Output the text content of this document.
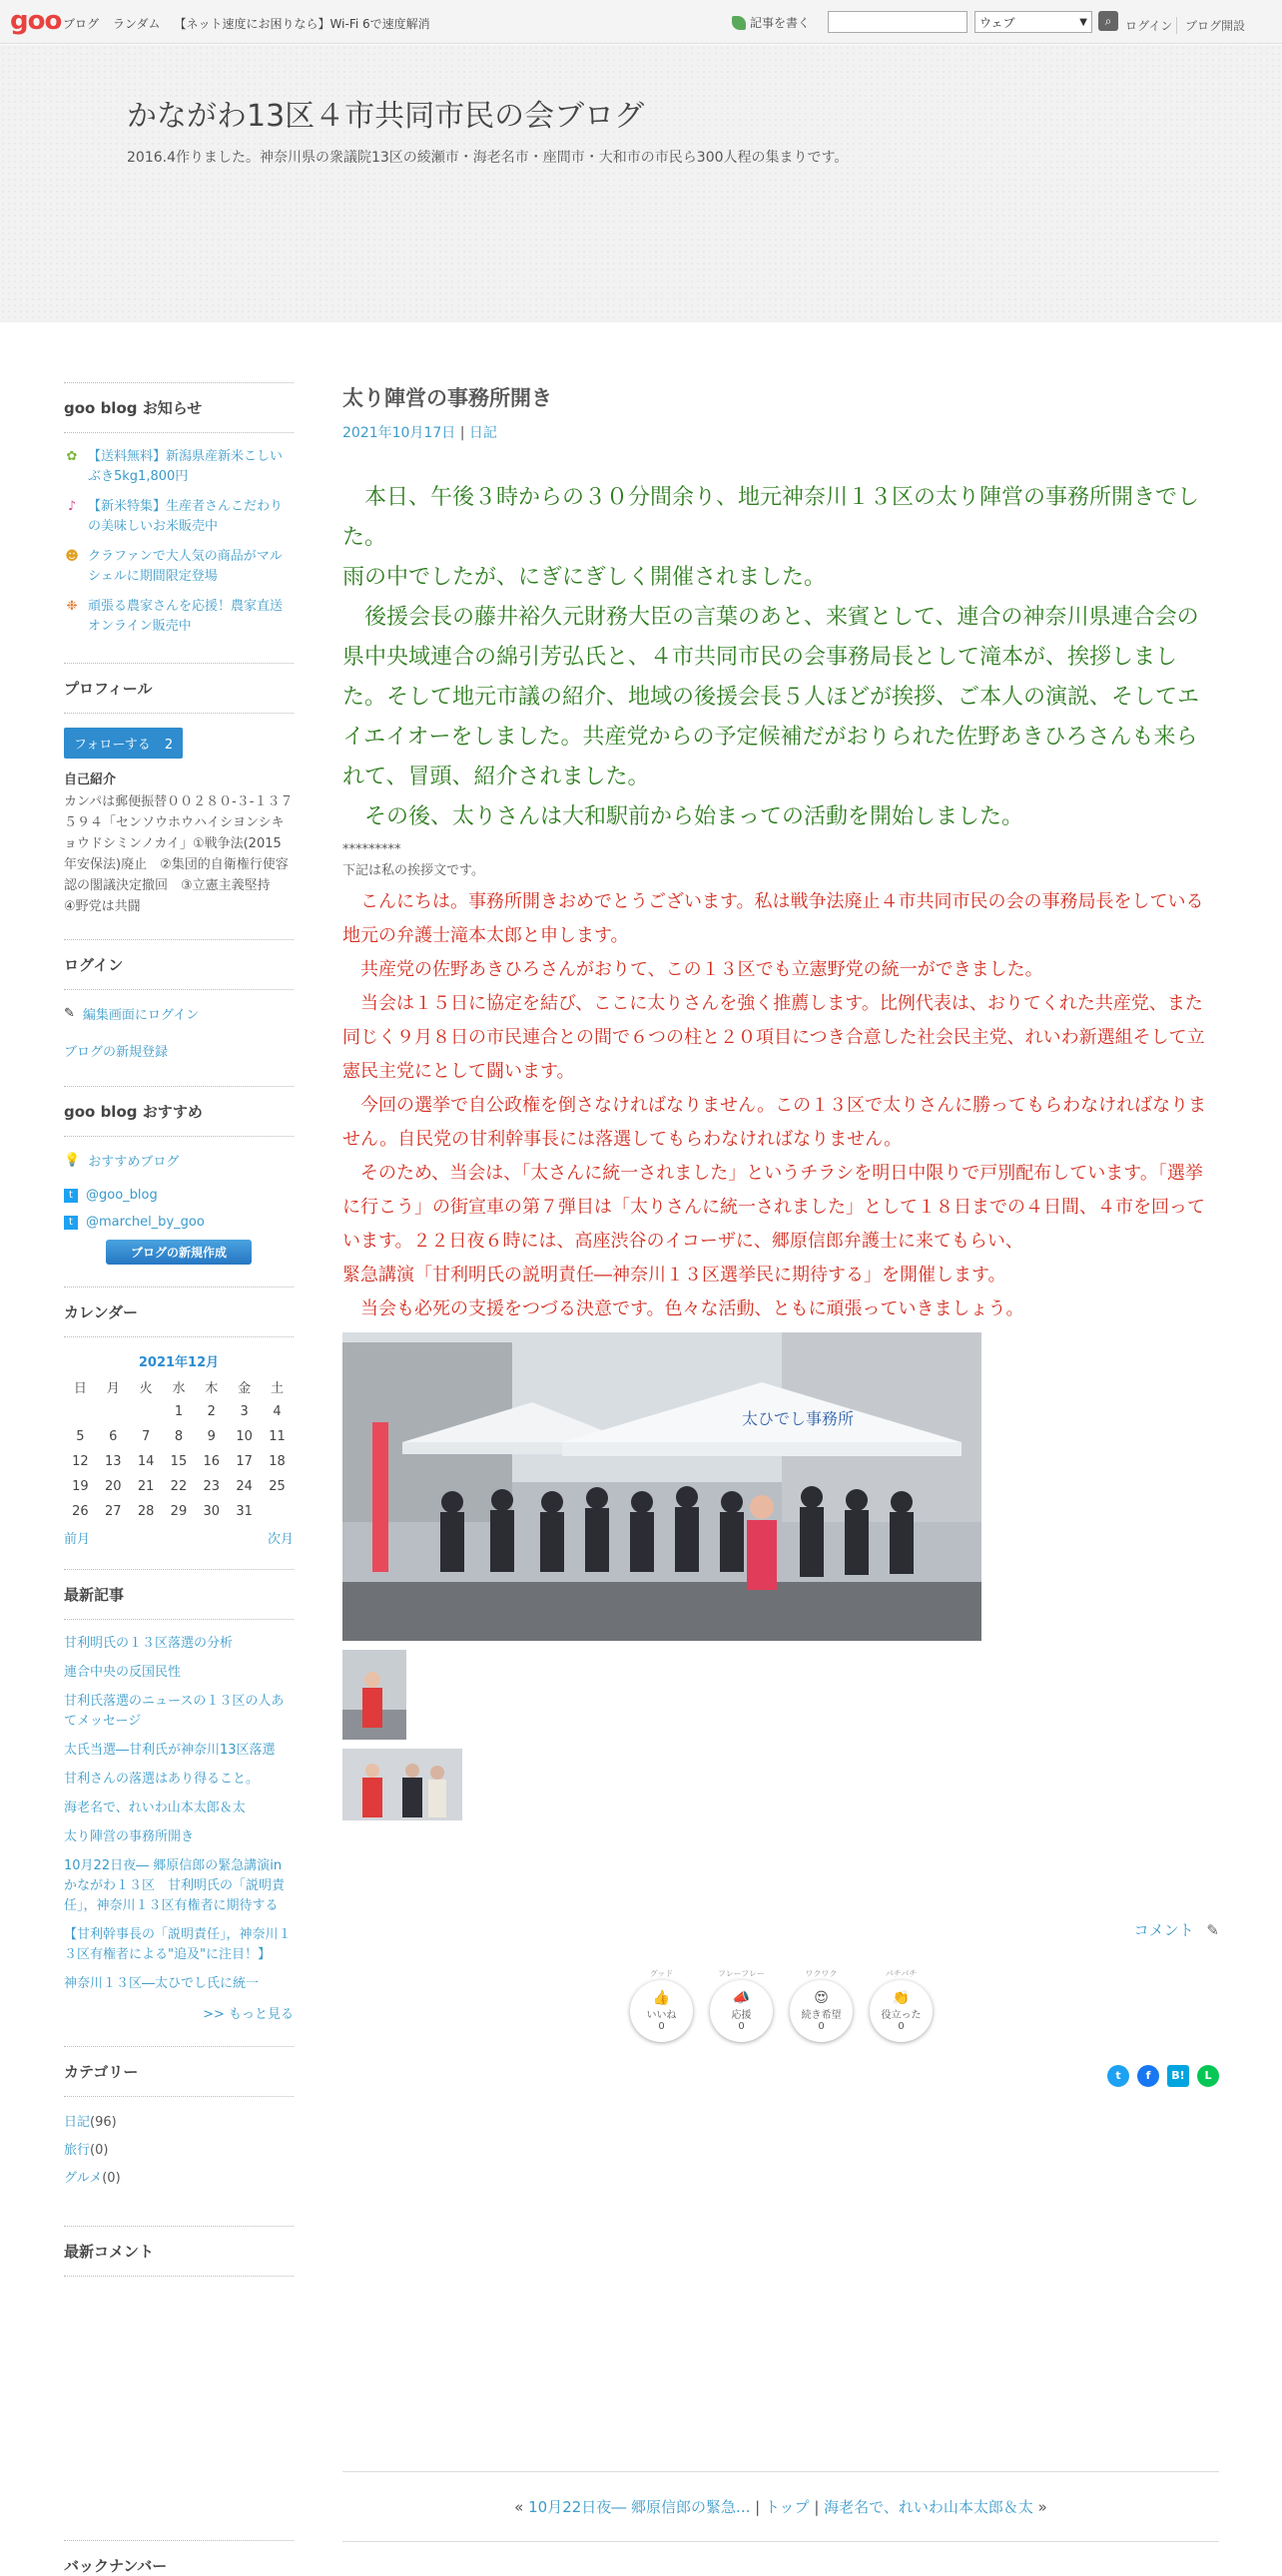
goo ブログ ランダム 【ネット速度にお困りなら】Wi-Fi 6で速度解消	記事を書く	ウェブ	▼	⌕	ログイン	ブログ開設
かながわ13区４市共同市民の会ブログ
2016.4作りました。神奈川県の衆議院13区の綾瀬市・海老名市・座間市・大和市の市民ら300人程の集まりです。
goo blog お知らせ
✿ 【送料無料】新潟県産新米こしいぶき5kg1,800円
♪ 【新米特集】生産者さんこだわりの美味しいお米販売中
☻ クラファンで大人気の商品がマルシェルに期間限定登場
❉ 頑張る農家さんを応援！農家直送オンライン販売中
プロフィール
フォローする 2
自己紹介
カンパは郵便振替００２８０-３-１３７５９４「センソウホウハイシヨンシキョウドシミンノカイ」①戦争法(2015年安保法)廃止　②集団的自衛権行使容認の閣議決定撤回　③立憲主義堅持　④野党は共闘
ログイン
✎ 編集画面にログイン
ブログの新規登録
goo blog おすすめ
💡 おすすめブログ
t	@goo_blog
t	@marchel_by_goo
ブログの新規作成
カレンダー
2021年12月
日	月	火	水	木	金	土
			1	2	3	4
5	6	7	8	9	10	11
12	13	14	15	16	17	18
19	20	21	22	23	24	25
26	27	28	29	30	31	
前月	次月
最新記事
甘利明氏の１３区落選の分析
連合中央の反国民性
甘利氏落選のニュースの１３区の人あてメッセージ
太氏当選―甘利氏が神奈川13区落選
甘利さんの落選はあり得ること。
海老名で、れいわ山本太郎＆太
太り陣営の事務所開き
10月22日夜― 郷原信郎の緊急講演inかながわ１３区　甘利明氏の「説明責任」，神奈川１３区有権者に期待する
【甘利幹事長の「説明責任」，神奈川１３区有権者による"追及"に注目！】
神奈川１３区―太ひでし氏に統一
>> もっと見る
カテゴリー
日記(96)
旅行(0)
グルメ(0)
最新コメント
バックナンバー
太り陣営の事務所開き
2021年10月17日 | 日記
　本日、午後３時からの３０分間余り、地元神奈川１３区の太り陣営の事務所開きでした。
雨の中でしたが、にぎにぎしく開催されました。
　後援会長の藤井裕久元財務大臣の言葉のあと、来賓として、連合の神奈川県連合会の県中央域連合の綿引芳弘氏と、４市共同市民の会事務局長として滝本が、挨拶しました。そして地元市議の紹介、地域の後援会長５人ほどが挨拶、ご本人の演説、そしてエイエイオーをしました。共産党からの予定候補だがおりられた佐野あきひろさんも来られて、冒頭、紹介されました。
　その後、太りさんは大和駅前から始まっての活動を開始しました。
*********
下記は私の挨拶文です。
　こんにちは。事務所開きおめでとうございます。私は戦争法廃止４市共同市民の会の事務局長をしている地元の弁護士滝本太郎と申します。
　共産党の佐野あきひろさんがおりて、この１３区でも立憲野党の統一ができました。
　当会は１５日に協定を結び、ここに太りさんを強く推薦します。比例代表は、おりてくれた共産党、また同じく９月８日の市民連合との間で６つの柱と２０項目につき合意した社会民主党、れいわ新選組そして立憲民主党にとして闘います。
　今回の選挙で自公政権を倒さなければなりません。この１３区で太りさんに勝ってもらわなければなりません。自民党の甘利幹事長には落選してもらわなければなりません。
　そのため、当会は、「太さんに統一されました」というチラシを明日中限りで戸別配布しています。「選挙に行こう」の街宣車の第７弾目は「太りさんに統一されました」として１８日までの４日間、４市を回っています。２２日夜６時には、高座渋谷のイコーザに、郷原信郎弁護士に来てもらい、
緊急講演「甘利明氏の説明責任―神奈川１３区選挙民に期待する」を開催します。
　当会も必死の支援をつづる決意です。色々な活動、ともに頑張っていきましょう。
太ひでし事務所
コメント ✎
グッド
👍
いいね
0
フレーフレー
📣
応援
0
ワクワク
😍
続き希望
0
パチパチ
👏
役立った
0
t	f	B!	L
« 10月22日夜― 郷原信郎の緊急... | トップ | 海老名で、れいわ山本太郎＆太 »
